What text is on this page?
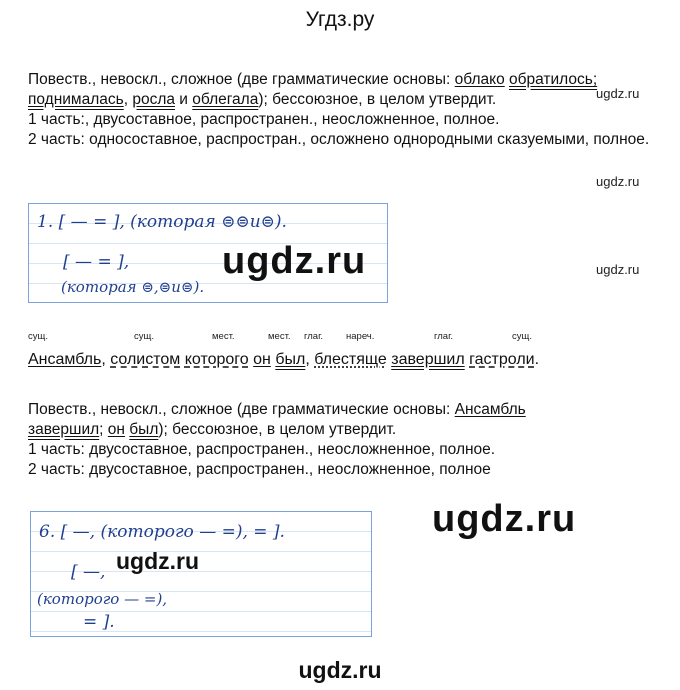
Угдз.ру
Повеств., невоскл., сложное (две грамматические основы: облако обратилось;
поднималась, росла и облегала); бессоюзное, в целом утвердит.
1 часть:, двусоставное, распространен., неосложненное, полное.
2 часть: односоставное, распростран., осложнено однородными сказуемыми, полное.
ugdz.ru
ugdz.ru
ugdz.ru
1. [ — = ], (которая ⊜⊜и⊜).
[ — = ],
(которая ⊜,⊜и⊜).
ugdz.ru
сущ.	сущ.	мест.	мест. глаг. нареч.	глаг.	сущ.
Ансамбль, солистом которого он был, блестяще завершил гастроли.
Повеств., невоскл., сложное (две грамматические основы: Ансамбль
завершил; он был); бессоюзное, в целом утвердит.
1 часть: двусоставное, распространен., неосложненное, полное.
2 часть: двусоставное, распространен., неосложненное, полное
6. [ —, (которого — =), = ].
[ —,
(которого — =),
= ].
ugdz.ru
ugdz.ru
ugdz.ru
